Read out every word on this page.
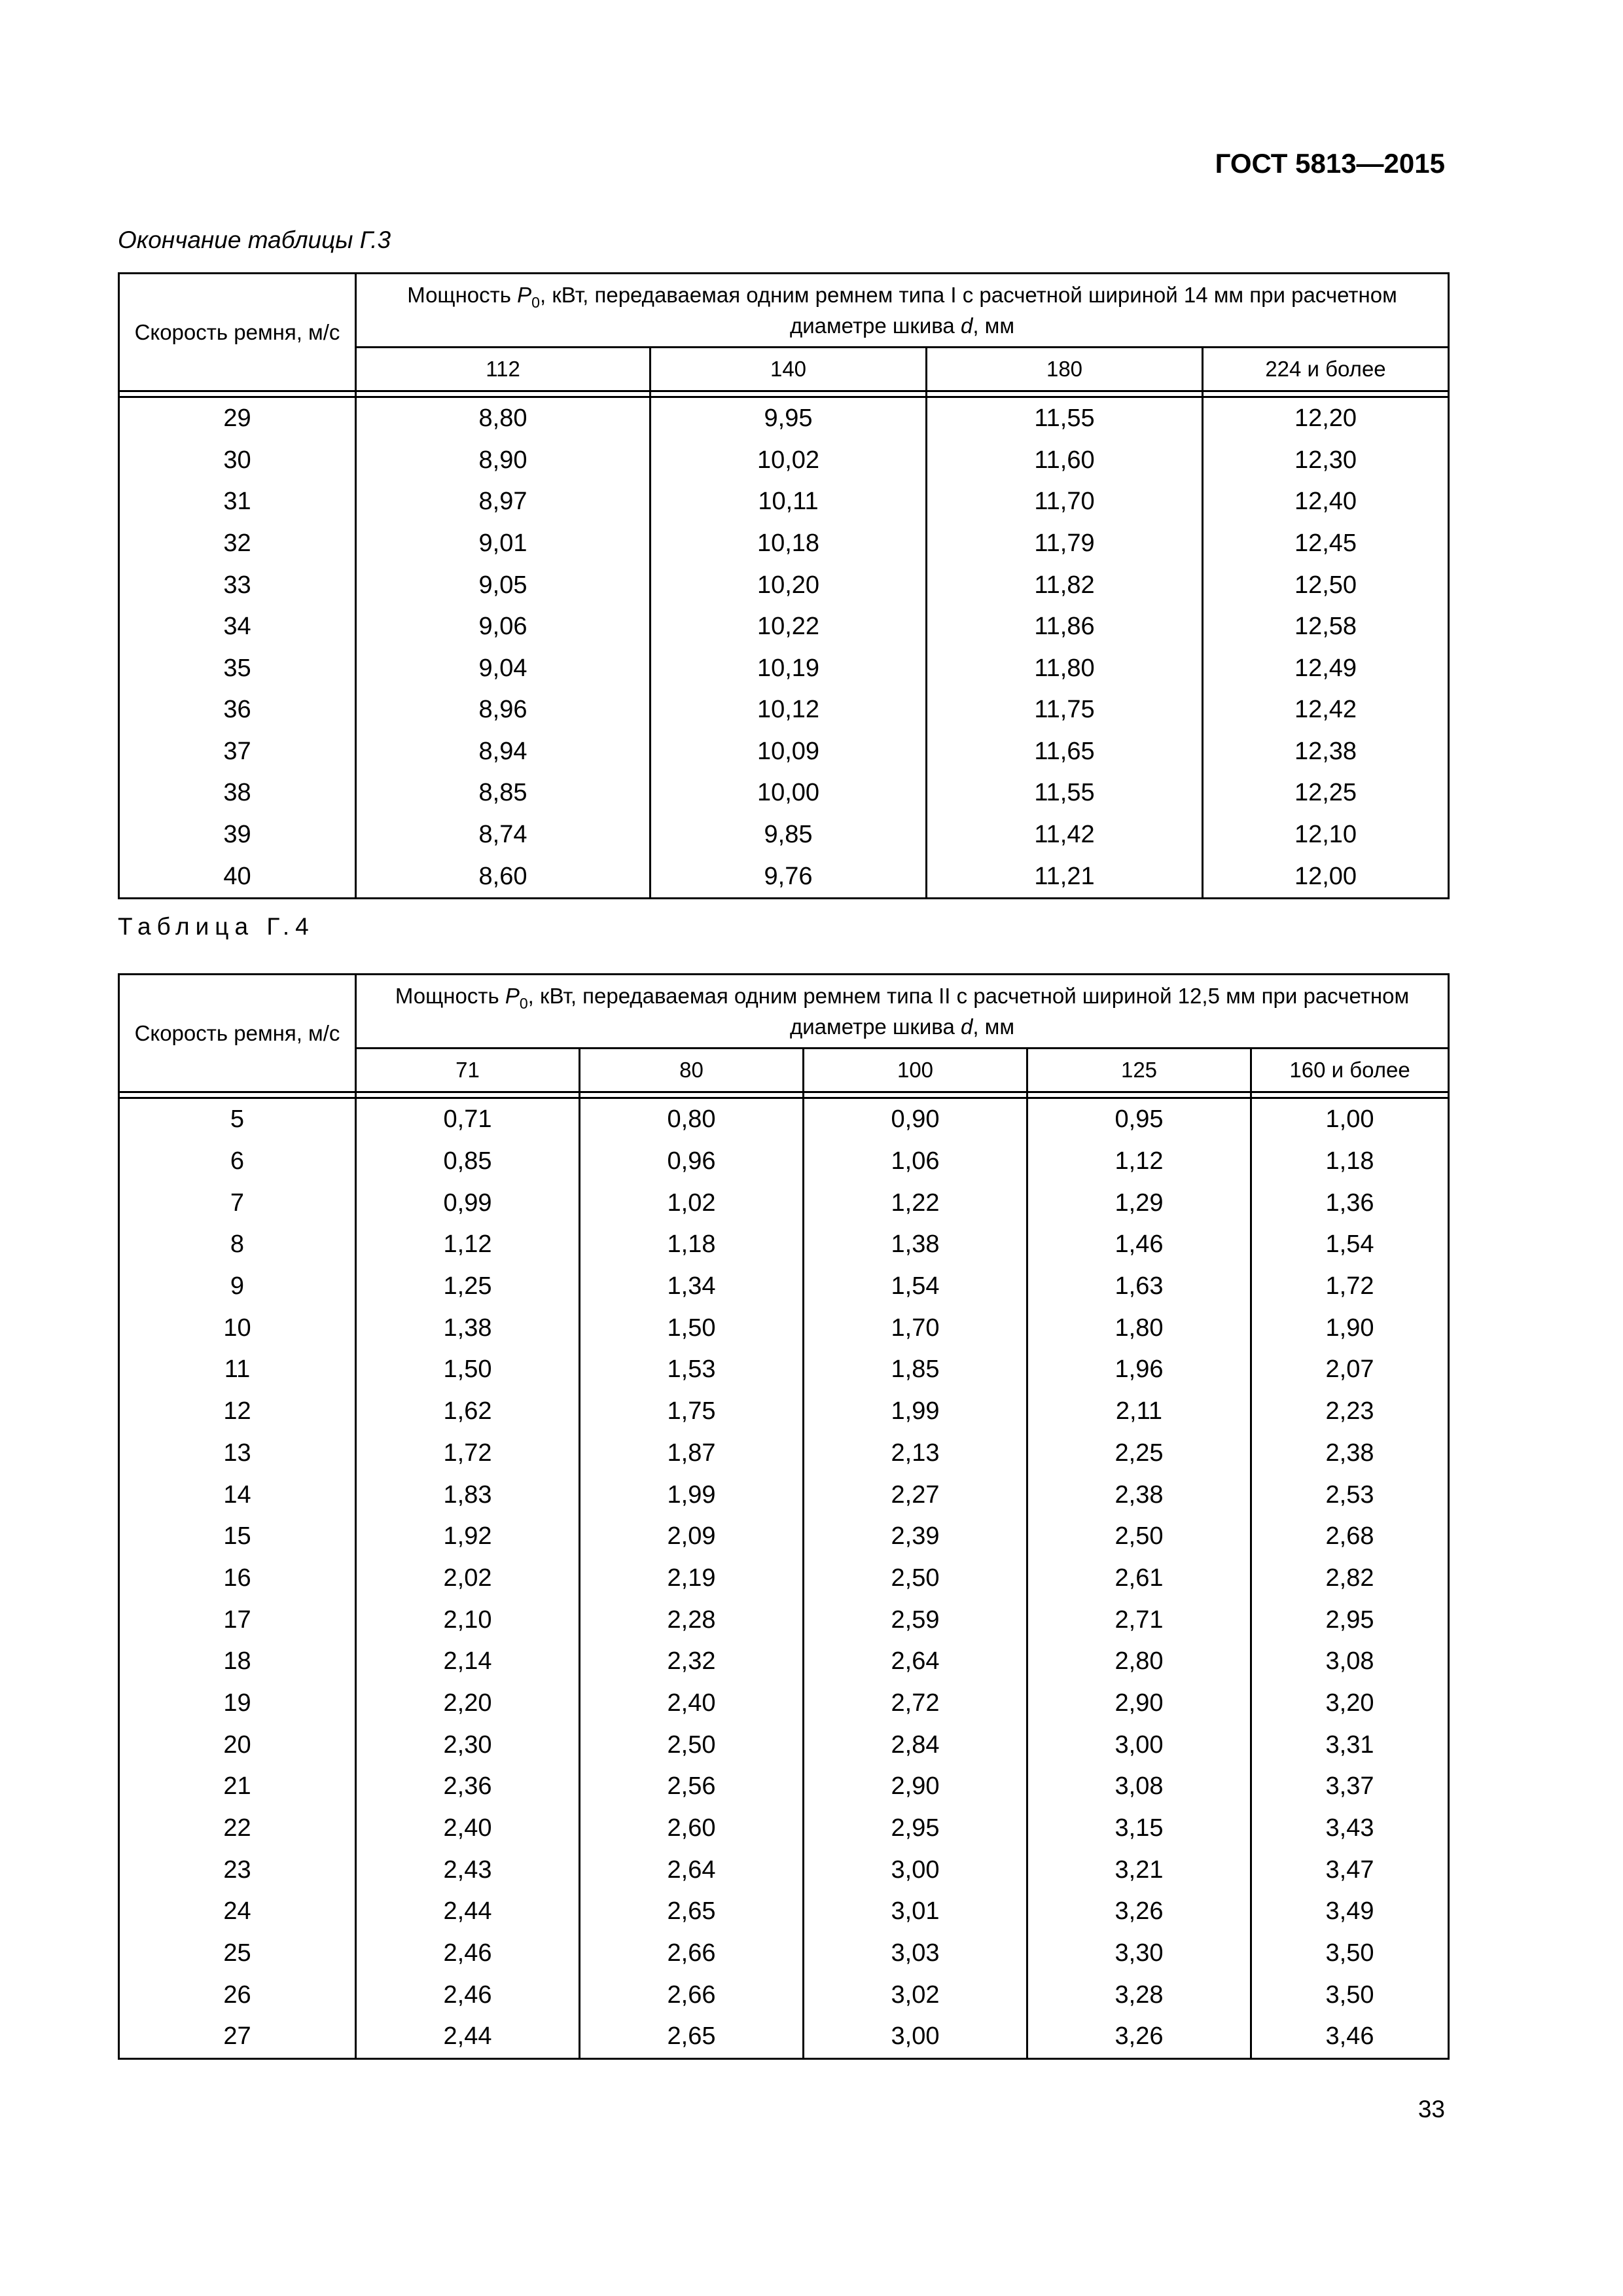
ГОСТ 5813—2015
Окончание таблицы Г.3
Скорость ремня, м/с	Мощность $P_0$, кВт, передаваемая одним ремнем типа I с расчетной шириной 14 мм при расчетном диаметре шкива d, мм			
	112	140	180	224 и более

29	8,80	9,95	11,55	12,20
30	8,90	10,02	11,60	12,30
31	8,97	10,11	11,70	12,40
32	9,01	10,18	11,79	12,45
33	9,05	10,20	11,82	12,50
34	9,06	10,22	11,86	12,58
35	9,04	10,19	11,80	12,49
36	8,96	10,12	11,75	12,42
37	8,94	10,09	11,65	12,38
38	8,85	10,00	11,55	12,25
39	8,74	9,85	11,42	12,10
40	8,60	9,76	11,21	12,00
Таблица Г.4
Скорость ремня, м/с	Мощность $P_0$, кВт, передаваемая одним ремнем типа II с расчетной шириной 12,5 мм при расчетном диаметре шкива d, мм				
	71	80	100	125	160 и более

5	0,71	0,80	0,90	0,95	1,00
6	0,85	0,96	1,06	1,12	1,18
7	0,99	1,02	1,22	1,29	1,36
8	1,12	1,18	1,38	1,46	1,54
9	1,25	1,34	1,54	1,63	1,72
10	1,38	1,50	1,70	1,80	1,90
11	1,50	1,53	1,85	1,96	2,07
12	1,62	1,75	1,99	2,11	2,23
13	1,72	1,87	2,13	2,25	2,38
14	1,83	1,99	2,27	2,38	2,53
15	1,92	2,09	2,39	2,50	2,68
16	2,02	2,19	2,50	2,61	2,82
17	2,10	2,28	2,59	2,71	2,95
18	2,14	2,32	2,64	2,80	3,08
19	2,20	2,40	2,72	2,90	3,20
20	2,30	2,50	2,84	3,00	3,31
21	2,36	2,56	2,90	3,08	3,37
22	2,40	2,60	2,95	3,15	3,43
23	2,43	2,64	3,00	3,21	3,47
24	2,44	2,65	3,01	3,26	3,49
25	2,46	2,66	3,03	3,30	3,50
26	2,46	2,66	3,02	3,28	3,50
27	2,44	2,65	3,00	3,26	3,46
33
